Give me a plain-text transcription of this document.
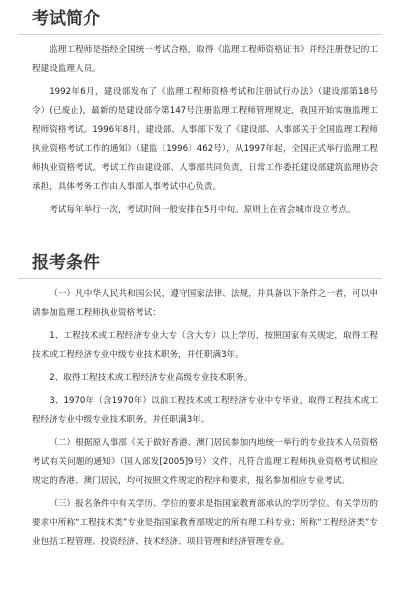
考试简介

监理工程师是指经全国统一考试合格，取得《监理工程师资格证书》并经注册登记的工程建设监理人员。

1992年6月，建设部发布了《监理工程师资格考试和注册试行办法》（建设部第18号令）(已废止)，最新的是建设部令第147号注册监理工程师管理规定，我国开始实施监理工程师资格考试。1996年8月，建设部、人事部下发了《建设部、人事部关于全国监理工程师执业资格考试工作的通知》（建监〔1996〕462号），从1997年起，全国正式举行监理工程师执业资格考试。考试工作由建设部、人事部共同负责，日常工作委托建设部建筑监理协会承担，具体考务工作由人事部人事考试中心负责。

考试每年举行一次，考试时间一般安排在5月中旬。原则上在省会城市设立考点。

报考条件

（一）凡中华人民共和国公民，遵守国家法律、法规，并具备以下条件之一者，可以申请参加监理工程师执业资格考试：

1、工程技术或工程经济专业大专（含大专）以上学历，按照国家有关规定，取得工程技术或工程经济专业中级专业技术职务，并任职满3年。

2、取得工程技术或工程经济专业高级专业技术职务。

3、1970年（含1970年）以前工程技术或工程经济专业中专毕业，取得工程技术或工程经济专业中级专业技术职务，并任职满3年。

（二）根据原人事部《关于做好香港、澳门居民参加内地统一举行的专业技术人员资格考试有关问题的通知》（国人部发[2005]9号）文件，凡符合监理工程师执业资格考试相应规定的香港、澳门居民，均可按照文件规定的程序和要求，报名参加相应专业考试。

（三）报名条件中有关学历、学位的要求是指国家教育部承认的学历学位。有关学历的要求中所称“工程技术类”专业是指国家教育部规定的所有理工科专业；所称“工程经济类”专业包括工程管理、投资经济、技术经济、项目管理和经济管理专业。
